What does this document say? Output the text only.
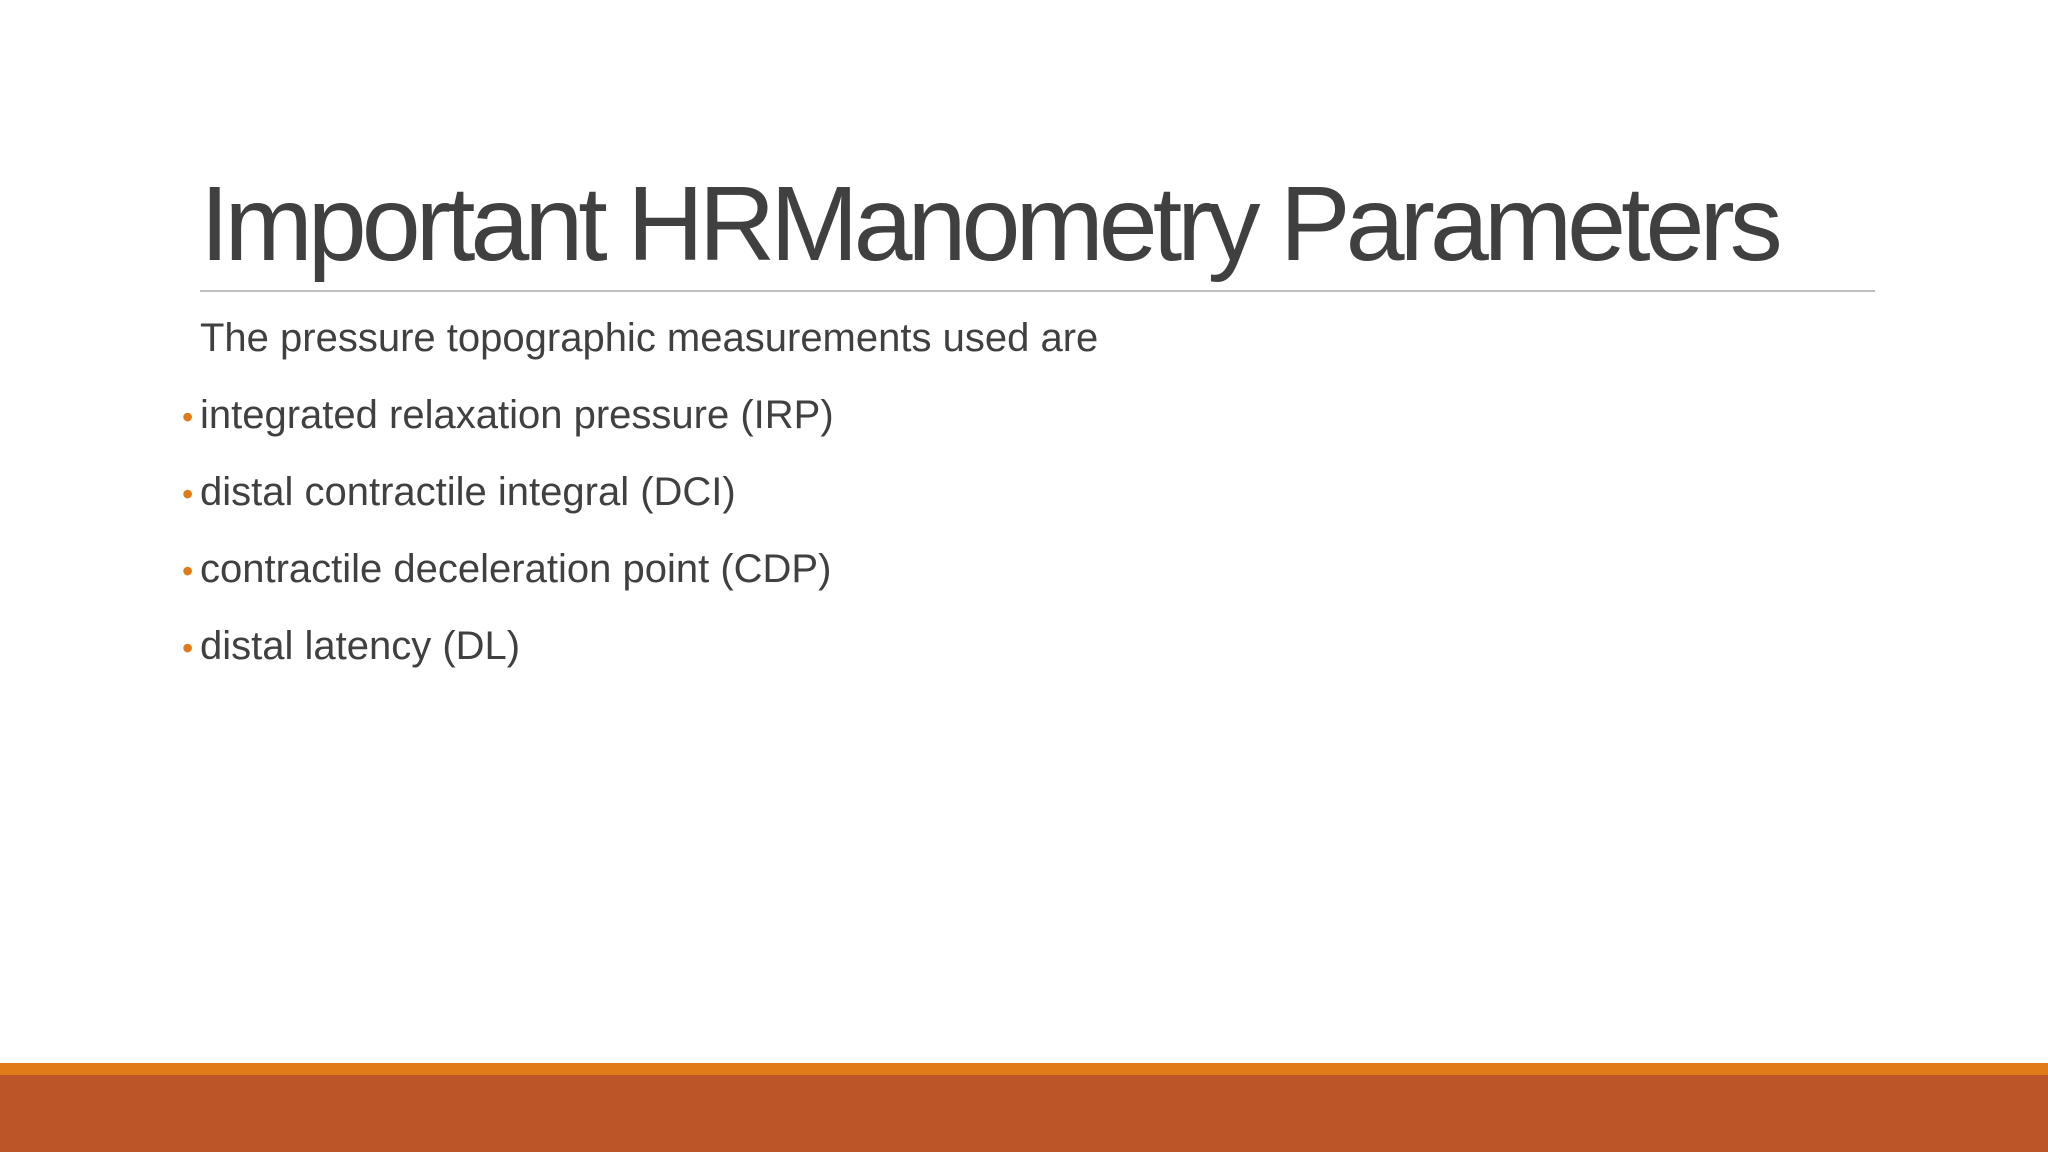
Important HRManometry Parameters
The pressure topographic measurements used are
• integrated relaxation pressure (IRP)
• distal contractile integral (DCI)
• contractile deceleration point (CDP)
• distal latency (DL)
